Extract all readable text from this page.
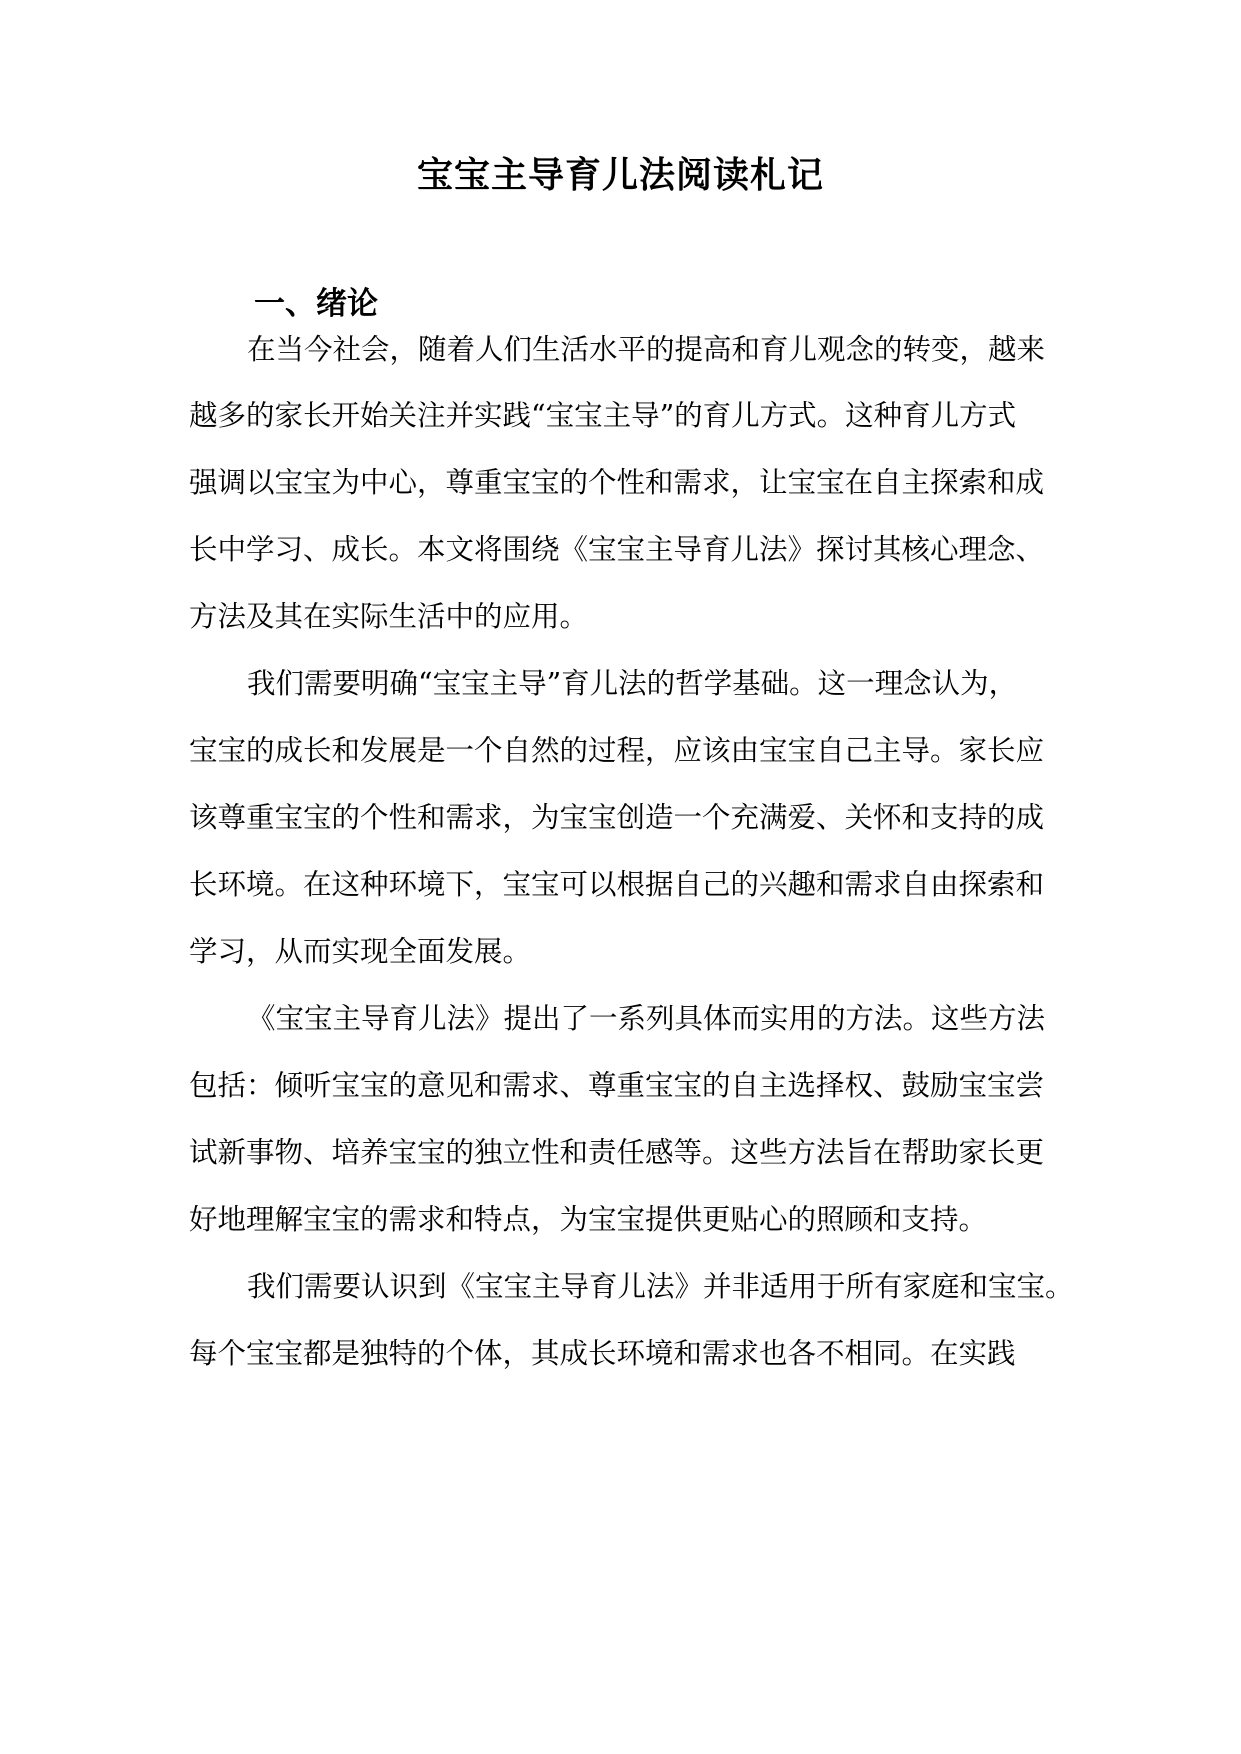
宝宝主导育儿法阅读札记
一、绪论
在当今社会，随着人们生活水平的提高和育儿观念的转变，越来
越多的家长开始关注并实践“宝宝主导”的育儿方式。这种育儿方式
强调以宝宝为中心，尊重宝宝的个性和需求，让宝宝在自主探索和成
长中学习、成长。本文将围绕《宝宝主导育儿法》探讨其核心理念、
方法及其在实际生活中的应用。
我们需要明确“宝宝主导”育儿法的哲学基础。这一理念认为，
宝宝的成长和发展是一个自然的过程，应该由宝宝自己主导。家长应
该尊重宝宝的个性和需求，为宝宝创造一个充满爱、关怀和支持的成
长环境。在这种环境下，宝宝可以根据自己的兴趣和需求自由探索和
学习，从而实现全面发展。
《宝宝主导育儿法》提出了一系列具体而实用的方法。这些方法
包括：倾听宝宝的意见和需求、尊重宝宝的自主选择权、鼓励宝宝尝
试新事物、培养宝宝的独立性和责任感等。这些方法旨在帮助家长更
好地理解宝宝的需求和特点，为宝宝提供更贴心的照顾和支持。
我们需要认识到《宝宝主导育儿法》并非适用于所有家庭和宝宝。
每个宝宝都是独特的个体，其成长环境和需求也各不相同。在实践
